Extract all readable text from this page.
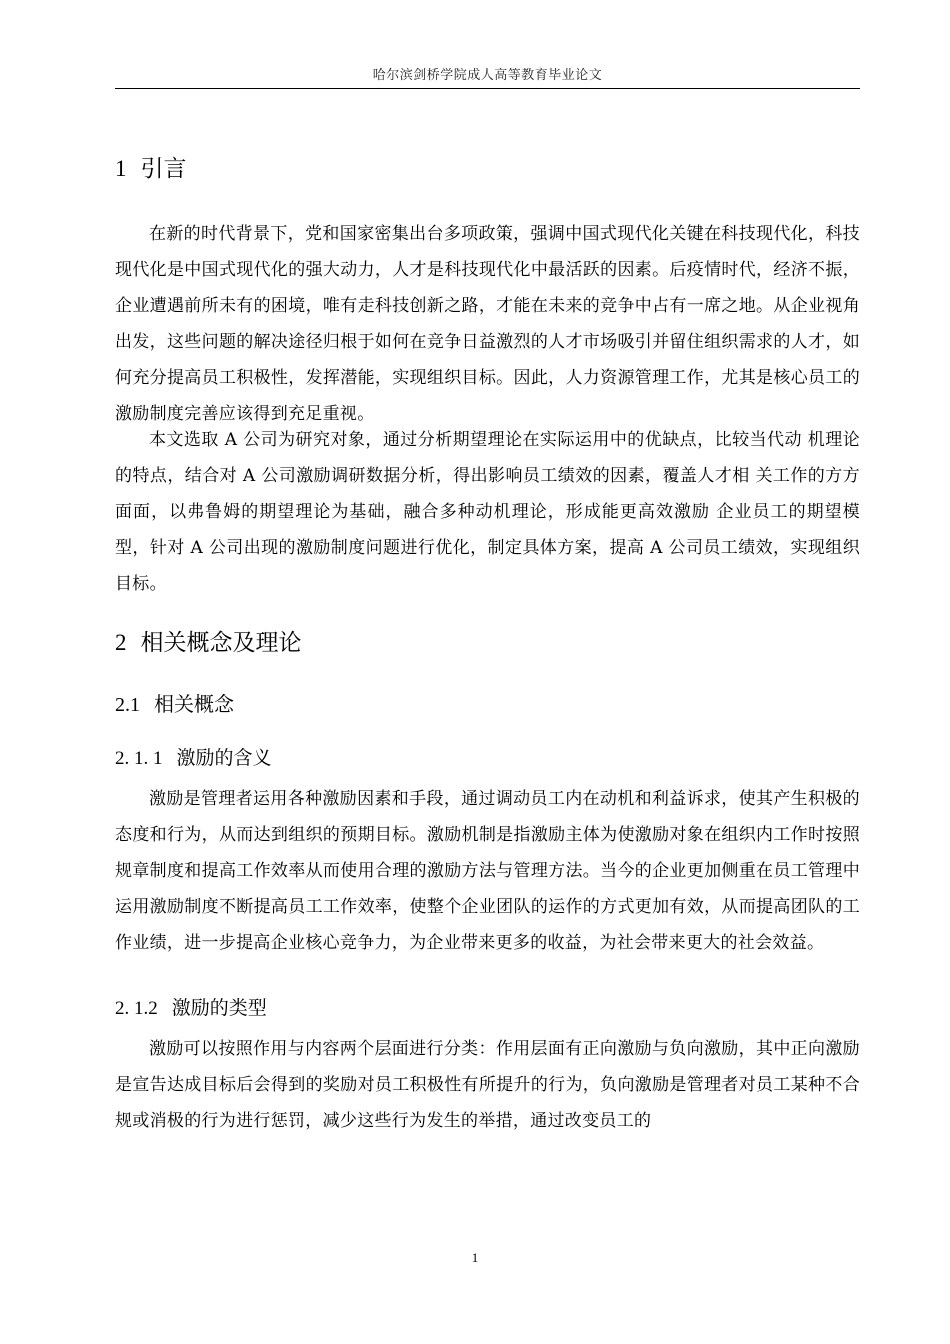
哈尔滨剑桥学院成人高等教育毕业论文
1 引言

在新的时代背景下，党和国家密集出台多项政策，强调中国式现代化关键在科技现代化，科技现代化是中国式现代化的强大动力，人才是科技现代化中最活跃的因素。后疫情时代，经济不振，企业遭遇前所未有的困境，唯有走科技创新之路，才能在未来的竞争中占有一席之地。从企业视角出发，这些问题的解决途径归根于如何在竞争日益激烈的人才市场吸引并留住组织需求的人才，如何充分提高员工积极性，发挥潜能，实现组织目标。因此，人力资源管理工作，尤其是核心员工的激励制度完善应该得到充足重视。

本文选取 A 公司为研究对象，通过分析期望理论在实际运用中的优缺点，比较当代动 机理论的特点，结合对 A 公司激励调研数据分析，得出影响员工绩效的因素，覆盖人才相 关工作的方方面面，以弗鲁姆的期望理论为基础，融合多种动机理论，形成能更高效激励 企业员工的期望模型，针对 A 公司出现的激励制度问题进行优化，制定具体方案，提高 A 公司员工绩效，实现组织目标。

2 相关概念及理论
2.1 相关概念
2. 1. 1 激励的含义

激励是管理者运用各种激励因素和手段，通过调动员工内在动机和利益诉求，使其产生积极的态度和行为，从而达到组织的预期目标。激励机制是指激励主体为使激励对象在组织内工作时按照规章制度和提高工作效率从而使用合理的激励方法与管理方法。当今的企业更加侧重在员工管理中运用激励制度不断提高员工工作效率，使整个企业团队的运作的方式更加有效，从而提高团队的工作业绩，进一步提高企业核心竞争力，为企业带来更多的收益，为社会带来更大的社会效益。

2. 1.2 激励的类型

激励可以按照作用与内容两个层面进行分类：作用层面有正向激励与负向激励，其中正向激励是宣告达成目标后会得到的奖励对员工积极性有所提升的行为，负向激励是管理者对员工某种不合规或消极的行为进行惩罚，减少这些行为发生的举措，通过改变员工的

1
